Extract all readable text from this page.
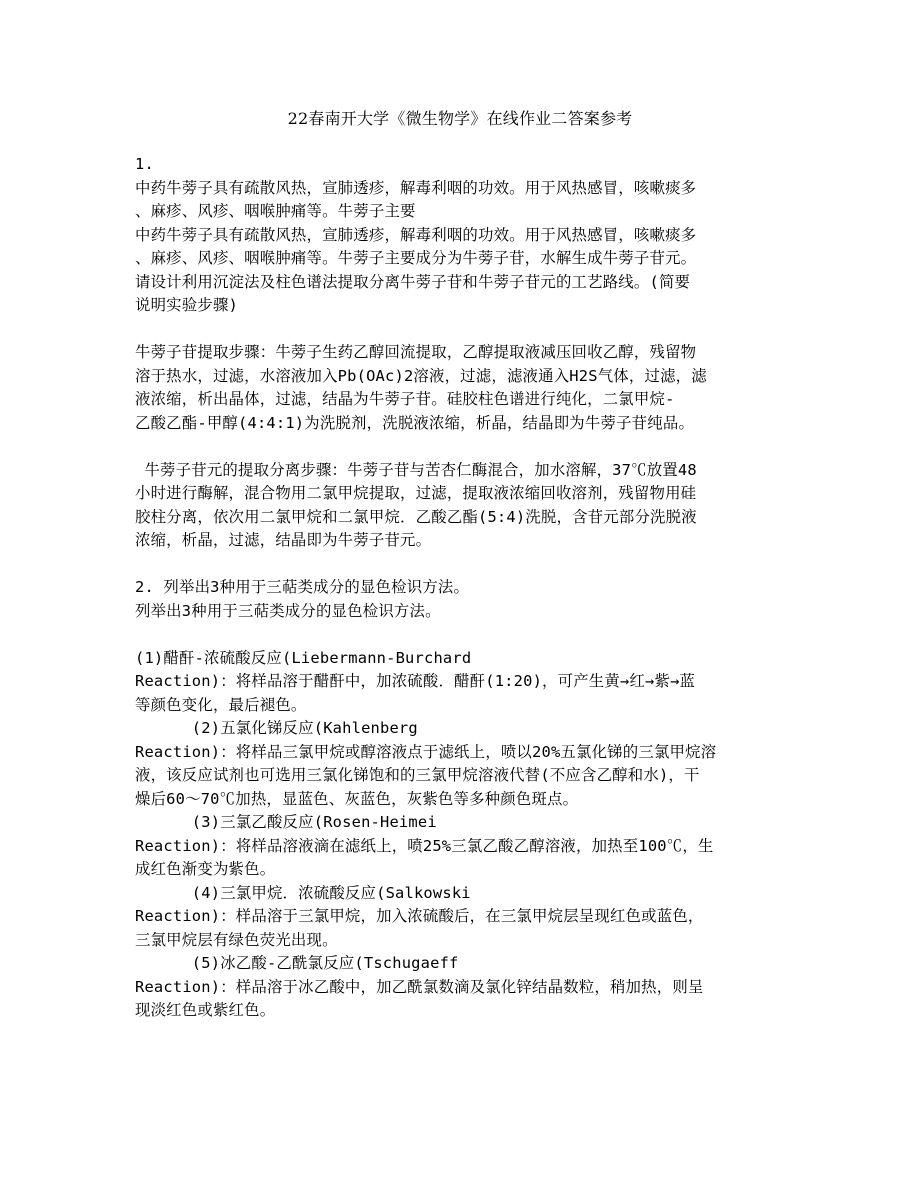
22春南开大学《微生物学》在线作业二答案参考
1.
中药牛蒡子具有疏散风热，宣肺透疹，解毒利咽的功效。用于风热感冒，咳嗽痰多
、麻疹、风疹、咽喉肿痛等。牛蒡子主要
中药牛蒡子具有疏散风热，宣肺透疹，解毒利咽的功效。用于风热感冒，咳嗽痰多
、麻疹、风疹、咽喉肿痛等。牛蒡子主要成分为牛蒡子苷，水解生成牛蒡子苷元。
请设计利用沉淀法及柱色谱法提取分离牛蒡子苷和牛蒡子苷元的工艺路线。(简要
说明实验步骤)
牛蒡子苷提取步骤：牛蒡子生药乙醇回流提取，乙醇提取液减压回收乙醇，残留物
溶于热水，过滤，水溶液加入Pb(OAc)2溶液，过滤，滤液通入H2S气体，过滤，滤
液浓缩，析出晶体，过滤，结晶为牛蒡子苷。硅胶柱色谱进行纯化，二氯甲烷-
乙酸乙酯-甲醇(4:4:1)为洗脱剂，洗脱液浓缩，析晶，结晶即为牛蒡子苷纯品。
牛蒡子苷元的提取分离步骤：牛蒡子苷与苦杏仁酶混合，加水溶解，37℃放置48
小时进行酶解，混合物用二氯甲烷提取，过滤，提取液浓缩回收溶剂，残留物用硅
胶柱分离，依次用二氯甲烷和二氯甲烷．乙酸乙酯(5:4)洗脱，含苷元部分洗脱液
浓缩，析晶，过滤，结晶即为牛蒡子苷元。
2. 列举出3种用于三萜类成分的显色检识方法。
列举出3种用于三萜类成分的显色检识方法。
(1)醋酐-浓硫酸反应(Liebermann-Burchard
Reaction)：将样品溶于醋酐中，加浓硫酸．醋酐(1:20)，可产生黄→红→紫→蓝
等颜色变化，最后褪色。
(2)五氯化锑反应(Kahlenberg
Reaction)：将样品三氯甲烷或醇溶液点于滤纸上，喷以20%五氯化锑的三氯甲烷溶
液，该反应试剂也可选用三氯化锑饱和的三氯甲烷溶液代替(不应含乙醇和水)，干
燥后60～70℃加热，显蓝色、灰蓝色，灰紫色等多种颜色斑点。
(3)三氯乙酸反应(Rosen-Heimei
Reaction)：将样品溶液滴在滤纸上，喷25%三氯乙酸乙醇溶液，加热至100℃，生
成红色渐变为紫色。
(4)三氯甲烷．浓硫酸反应(Salkowski
Reaction)：样品溶于三氯甲烷，加入浓硫酸后，在三氯甲烷层呈现红色或蓝色，
三氯甲烷层有绿色荧光出现。
(5)冰乙酸-乙酰氯反应(Tschugaeff
Reaction)：样品溶于冰乙酸中，加乙酰氯数滴及氯化锌结晶数粒，稍加热，则呈
现淡红色或紫红色。
